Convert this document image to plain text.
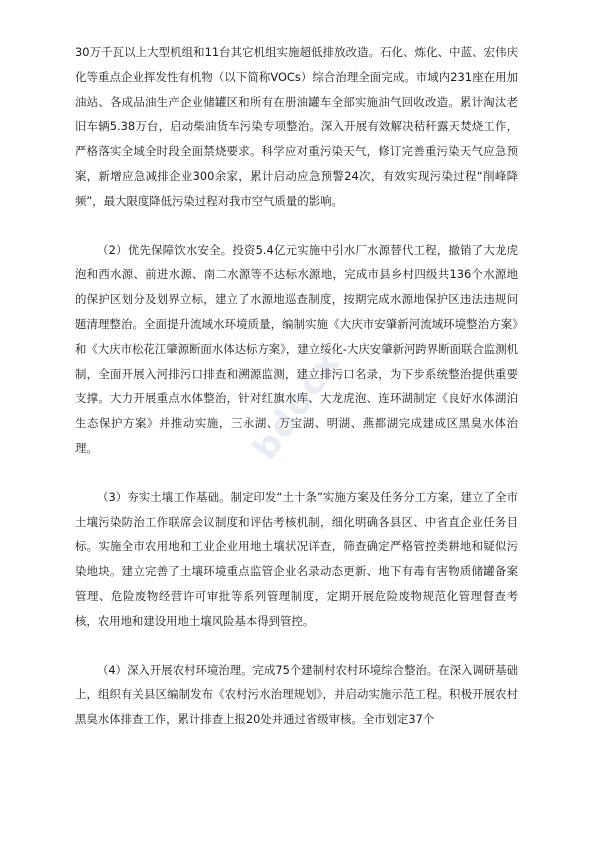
30万千瓦以上大型机组和11台其它机组实施超低排放改造。石化、炼化、中蓝、宏伟庆化等重点企业挥发性有机物（以下简称VOCs）综合治理全面完成。市域内231座在用加油站、各成品油生产企业储罐区和所有在册油罐车全部实施油气回收改造。累计淘汰老旧车辆5.38万台，启动柴油货车污染专项整治。深入开展有效解决秸秆露天焚烧工作，严格落实全域全时段全面禁烧要求。科学应对重污染天气，修订完善重污染天气应急预案，新增应急减排企业300余家，累计启动应急预警24次，有效实现污染过程“削峰降频”，最大限度降低污染过程对我市空气质量的影响。

（2）优先保障饮水安全。投资5.4亿元实施中引水厂水源替代工程，撤销了大龙虎泡和西水源、前进水源、南二水源等不达标水源地，完成市县乡村四级共136个水源地的保护区划分及划界立标，建立了水源地巡查制度，按期完成水源地保护区违法违规问题清理整治。全面提升流域水环境质量，编制实施《大庆市安肇新河流域环境整治方案》和《大庆市松花江肇源断面水体达标方案》，建立绥化-大庆安肇新河跨界断面联合监测机制，全面开展入河排污口排查和溯源监测，建立排污口名录，为下步系统整治提供重要支撑。大力开展重点水体整治，针对红旗水库、大龙虎泡、连环湖制定《良好水体湖泊生态保护方案》并推动实施，三永湖、万宝湖、明湖、燕都湖完成建成区黑臭水体治理。

（3）夯实土壤工作基础。制定印发“土十条”实施方案及任务分工方案，建立了全市土壤污染防治工作联席会议制度和评估考核机制，细化明确各县区、中省直企业任务目标。实施全市农用地和工业企业用地土壤状况详查，筛查确定严格管控类耕地和疑似污染地块。建立完善了土壤环境重点监管企业名录动态更新、地下有毒有害物质储罐备案管理、危险废物经营许可审批等系列管理制度，定期开展危险废物规范化管理督查考核，农用地和建设用地土壤风险基本得到管控。

（4）深入开展农村环境治理。完成75个建制村农村环境综合整治。在深入调研基础上，组织有关县区编制发布《农村污水治理规划》，并启动实施示范工程。积极开展农村黑臭水体排查工作，累计排查上报20处并通过省级审核。全市划定37个

bdocx
